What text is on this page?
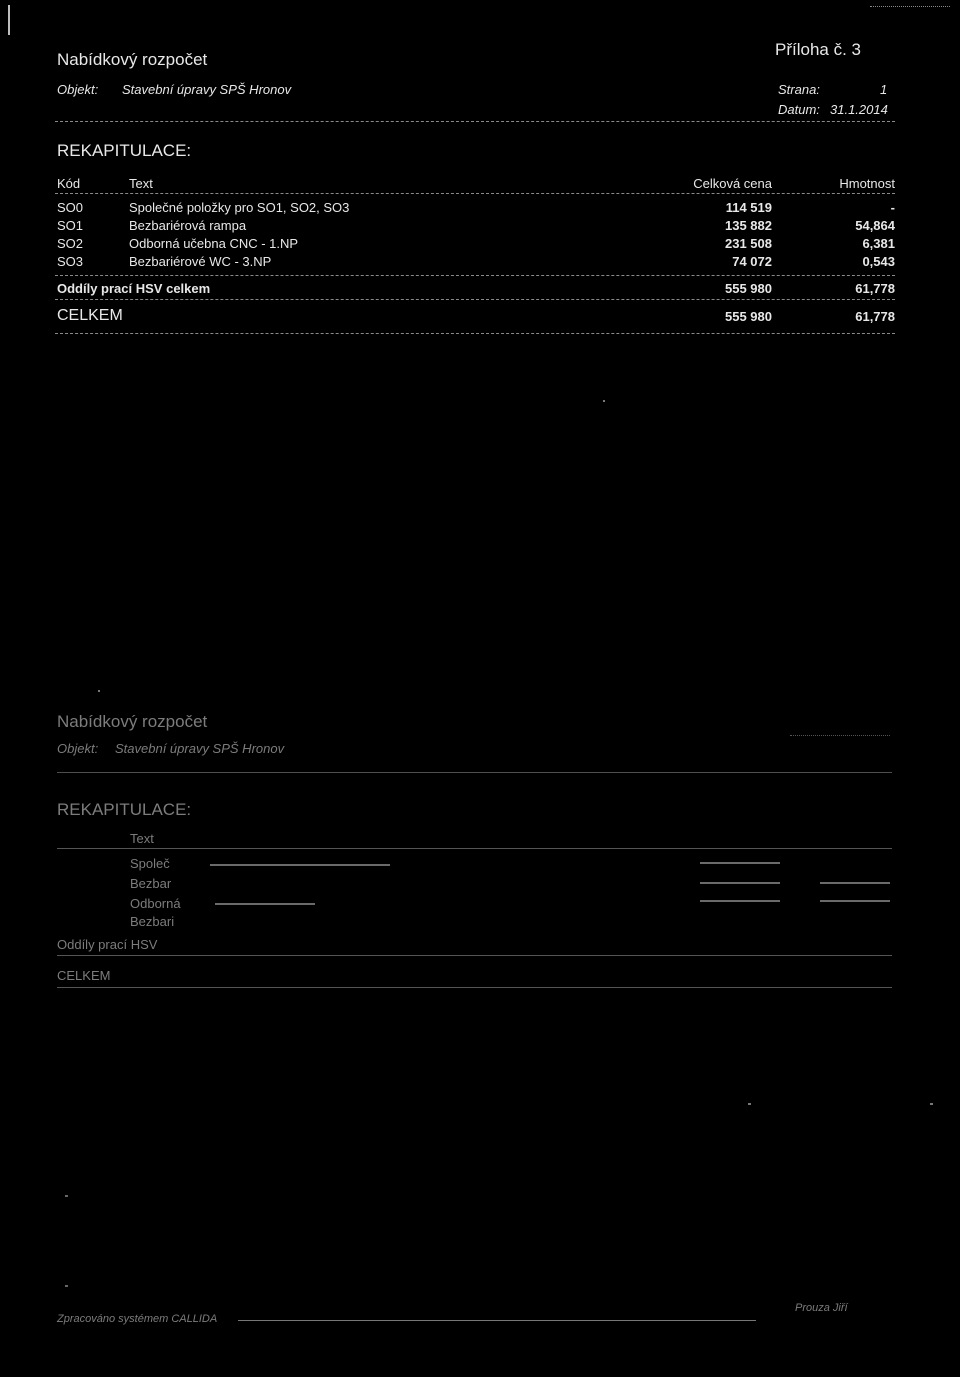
Nabídkový rozpočet
Příloha č. 3
Objekt: Stavební úpravy SPŠ Hronov	Strana:	1
Datum: 31.1.2014
REKAPITULACE:
Kód	Text	Celková cena	Hmotnost
SO0	Společné položky pro SO1, SO2, SO3	114 519	-
SO1	Bezbariérová rampa	135 882	54,864
SO2	Odborná učebna CNC - 1.NP	231 508	6,381
SO3	Bezbariérové WC - 3.NP	74 072	0,543
Oddíly prací HSV celkem	555 980	61,778
CELKEM	555 980	61,778
Nabídkový rozpočet
Objekt: Stavební úpravy SPŠ Hronov
REKAPITULACE:
Text
Společ
Bezbar
Odborná
Bezbari
Oddíly prací HSV
CELKEM
Zpracováno systémem CALLIDA
Prouza Jiří
